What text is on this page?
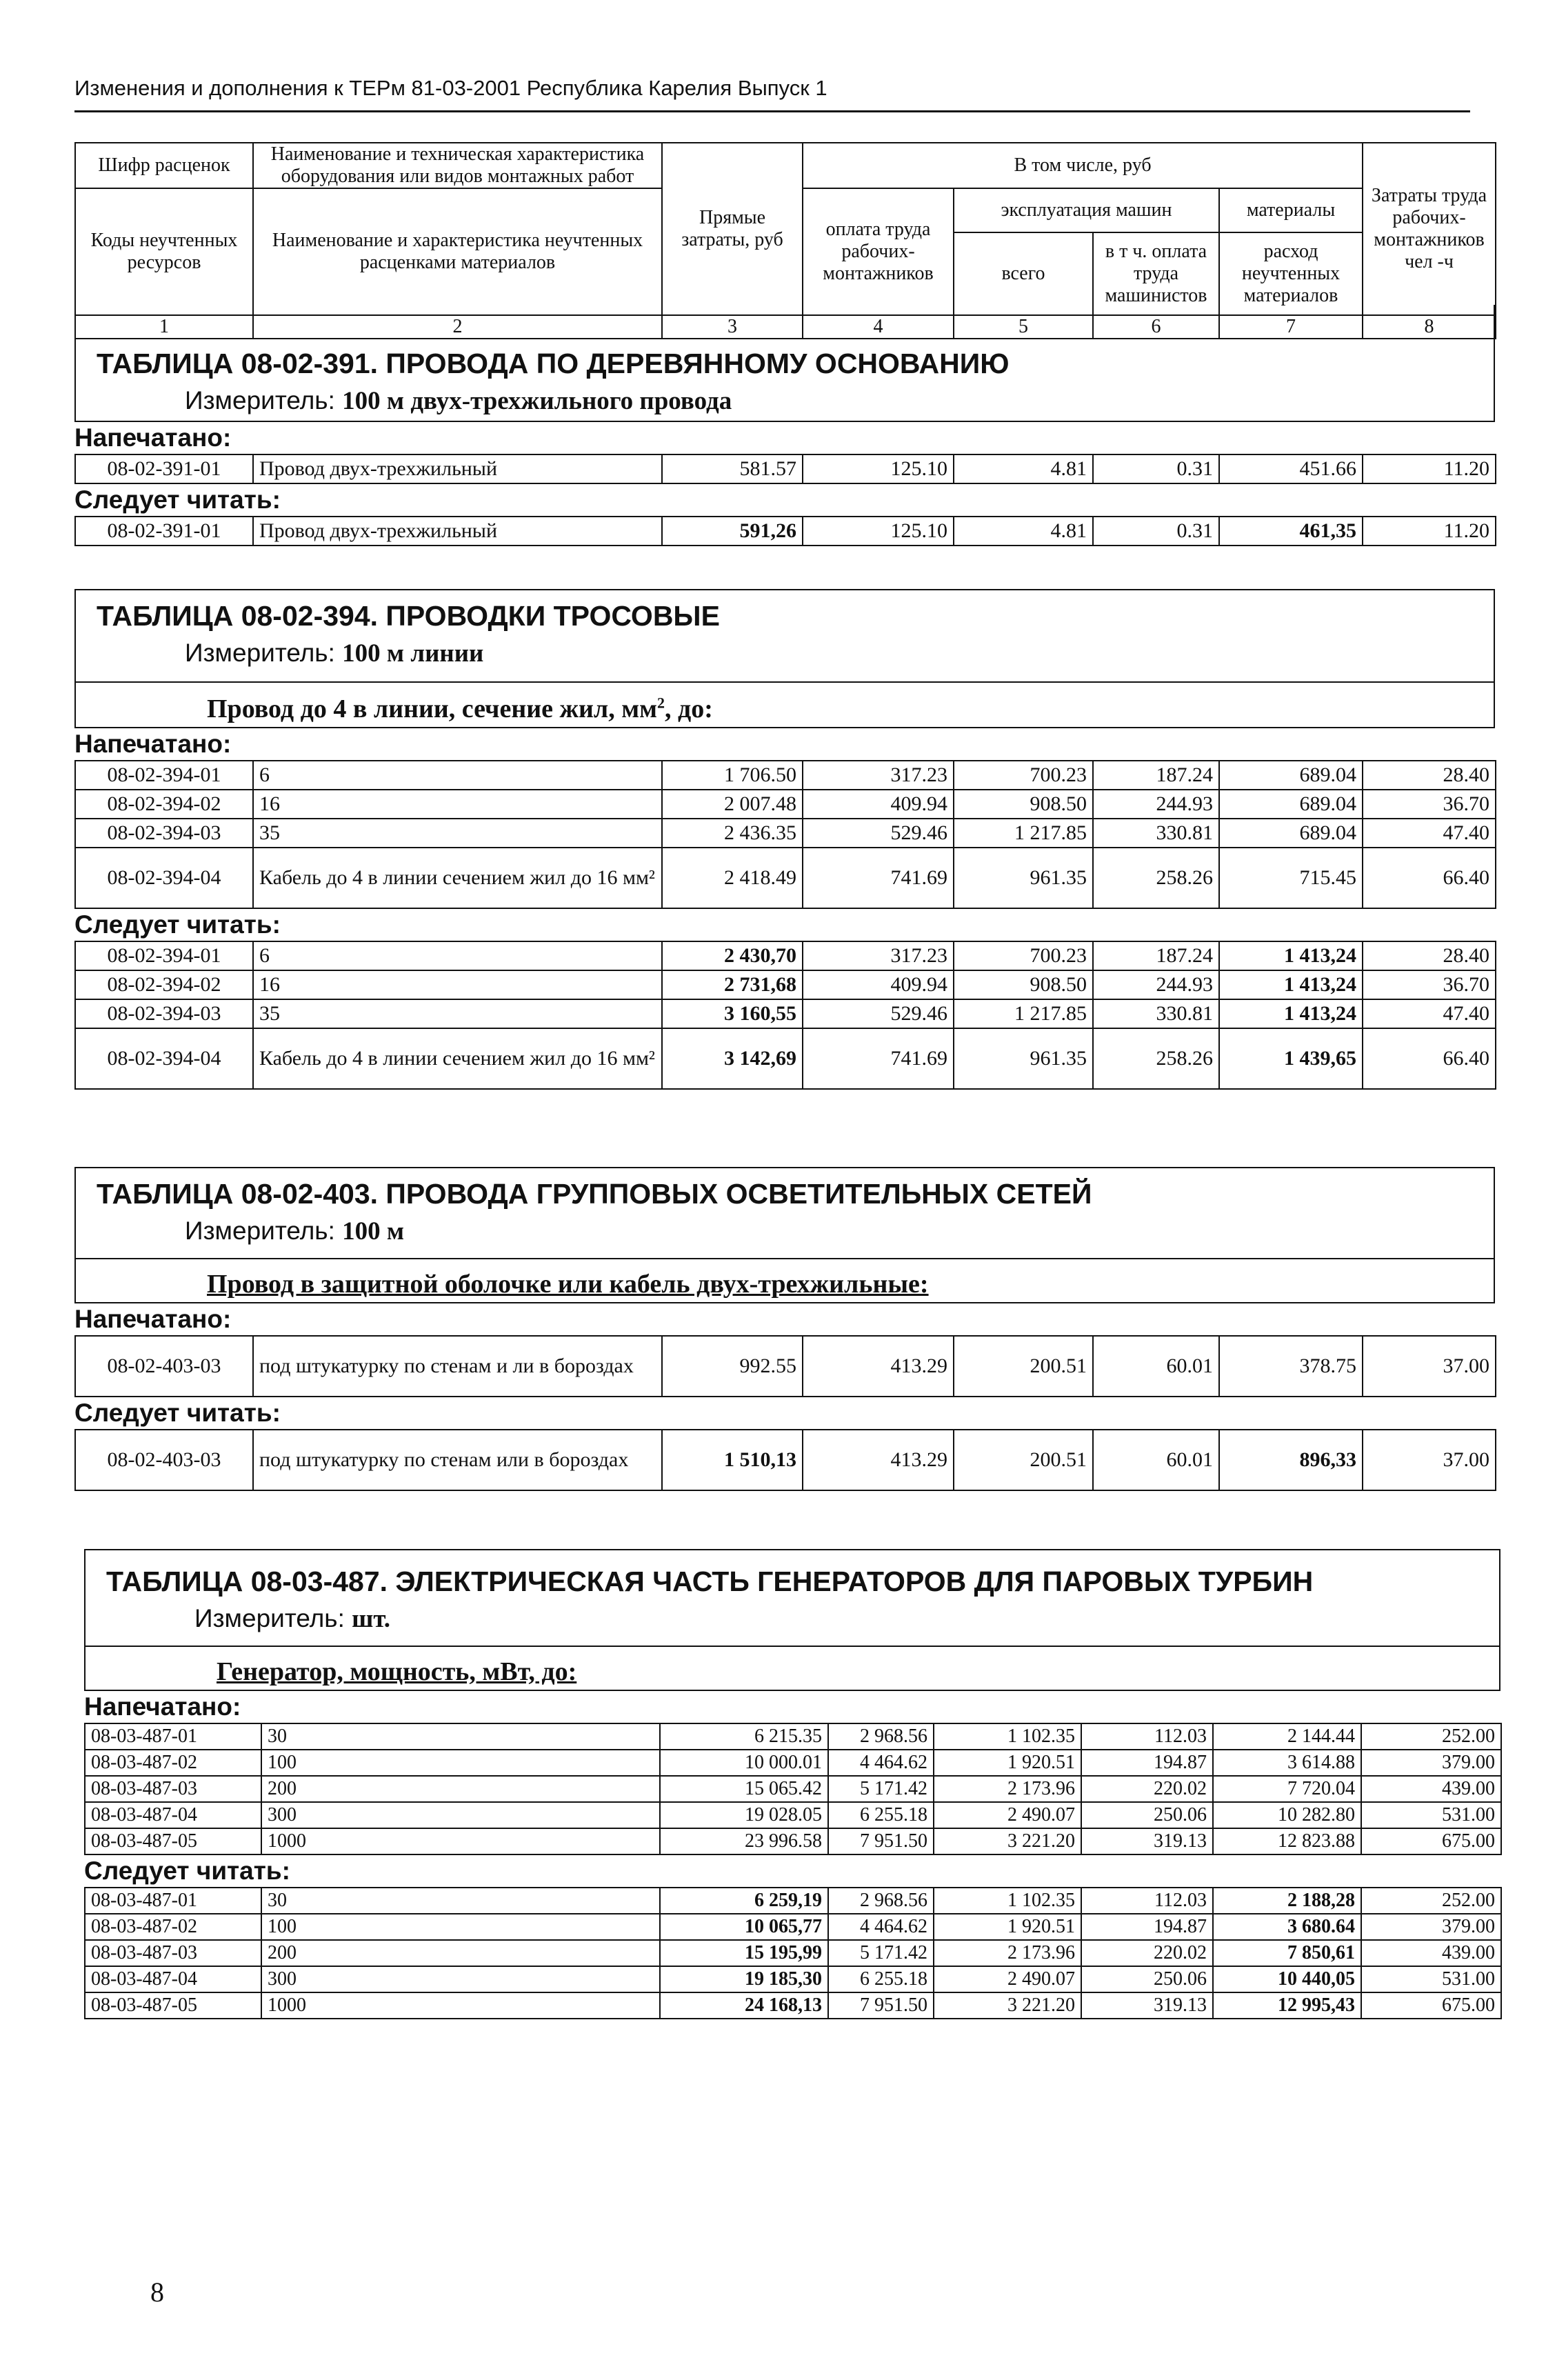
Изменения и дополнения к ТЕРм 81-03-2001 Республика Карелия Выпуск 1
Шифр расценок	Наименование и техническая характеристика оборудования или видов монтажных работ	Прямые затраты, руб	В том числе, руб				Затраты труда рабочих-монтажников чел -ч
Коды неучтенных ресурсов	Наименование и характеристика неучтенных расценками материалов		оплата труда рабочих-монтажников	эксплуатация машин		материалы	
				всего	в т ч. оплата труда машинистов	расход неучтенных материалов	
1	2	3	4	5	6	7	8
ТАБЛИЦА 08-02-391. ПРОВОДА ПО ДЕРЕВЯННОМУ ОСНОВАНИЮ
Измеритель: 100 м двух-трехжильного провода
Напечатано:
08-02-391-01	Провод двух-трехжильный	581.57	125.10	4.81	0.31	451.66	11.20
Следует читать:
08-02-391-01	Провод двух-трехжильный	591,26	125.10	4.81	0.31	461,35	11.20
ТАБЛИЦА 08-02-394. ПРОВОДКИ ТРОСОВЫЕ
Измеритель: 100 м линии
Провод до 4 в линии, сечение жил, $мм^2$, до:
Напечатано:
08-02-394-01	6	1 706.50	317.23	700.23	187.24	689.04	28.40
08-02-394-02	16	2 007.48	409.94	908.50	244.93	689.04	36.70
08-02-394-03	35	2 436.35	529.46	1 217.85	330.81	689.04	47.40
08-02-394-04	Кабель до 4 в линии сечением жил до 16 мм²	2 418.49	741.69	961.35	258.26	715.45	66.40
Следует читать:
08-02-394-01	6	2 430,70	317.23	700.23	187.24	1 413,24	28.40
08-02-394-02	16	2 731,68	409.94	908.50	244.93	1 413,24	36.70
08-02-394-03	35	3 160,55	529.46	1 217.85	330.81	1 413,24	47.40
08-02-394-04	Кабель до 4 в линии сечением жил до 16 мм²	3 142,69	741.69	961.35	258.26	1 439,65	66.40
ТАБЛИЦА 08-02-403. ПРОВОДА ГРУППОВЫХ ОСВЕТИТЕЛЬНЫХ СЕТЕЙ
Измеритель: 100 м
Провод в защитной оболочке или кабель двух-трехжильные:
Напечатано:
08-02-403-03	под штукатурку по стенам и ли в бороздах	992.55	413.29	200.51	60.01	378.75	37.00
Следует читать:
08-02-403-03	под штукатурку по стенам или в бороздах	1 510,13	413.29	200.51	60.01	896,33	37.00
ТАБЛИЦА 08-03-487. ЭЛЕКТРИЧЕСКАЯ ЧАСТЬ ГЕНЕРАТОРОВ ДЛЯ ПАРОВЫХ ТУРБИН
Измеритель: шт.
Генератор, мощность, мВт, до:
Напечатано:
08-03-487-01	30	6 215.35	2 968.56	1 102.35	112.03	2 144.44	252.00
08-03-487-02	100	10 000.01	4 464.62	1 920.51	194.87	3 614.88	379.00
08-03-487-03	200	15 065.42	5 171.42	2 173.96	220.02	7 720.04	439.00
08-03-487-04	300	19 028.05	6 255.18	2 490.07	250.06	10 282.80	531.00
08-03-487-05	1000	23 996.58	7 951.50	3 221.20	319.13	12 823.88	675.00
Следует читать:
08-03-487-01	30	6 259,19	2 968.56	1 102.35	112.03	2 188,28	252.00
08-03-487-02	100	10 065,77	4 464.62	1 920.51	194.87	3 680.64	379.00
08-03-487-03	200	15 195,99	5 171.42	2 173.96	220.02	7 850,61	439.00
08-03-487-04	300	19 185,30	6 255.18	2 490.07	250.06	10 440,05	531.00
08-03-487-05	1000	24 168,13	7 951.50	3 221.20	319.13	12 995,43	675.00
8
